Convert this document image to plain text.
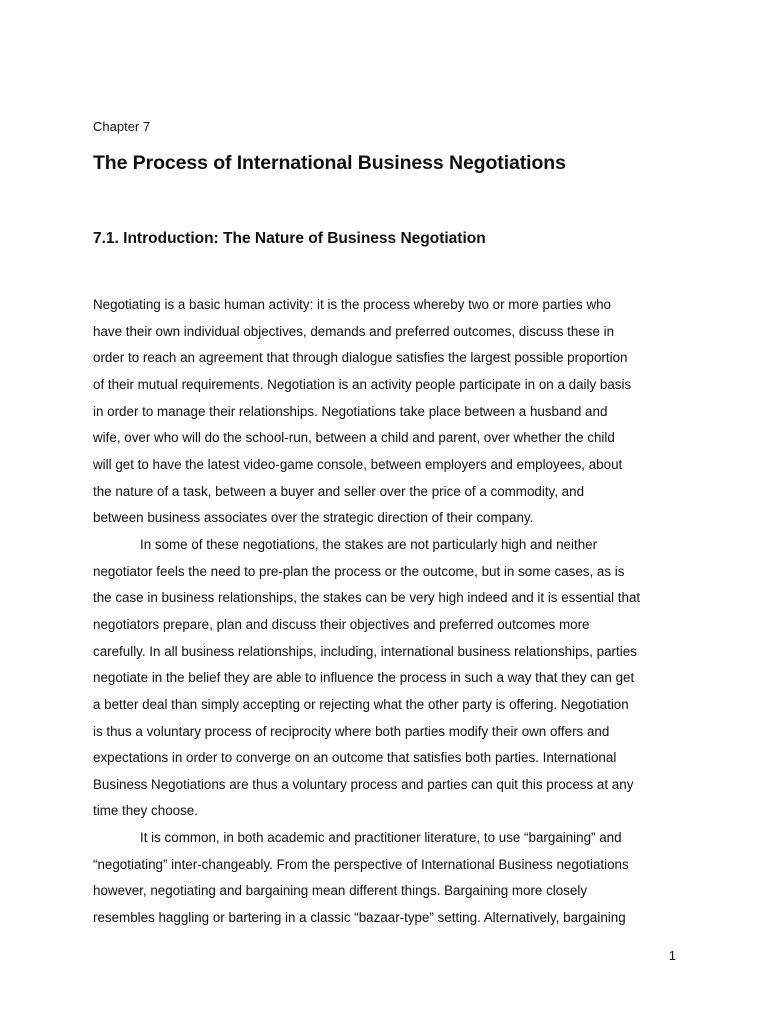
Chapter 7
The Process of International Business Negotiations
7.1. Introduction: The Nature of Business Negotiation
Negotiating is a basic human activity: it is the process whereby two or more parties who
have their own individual objectives, demands and preferred outcomes, discuss these in
order to reach an agreement that through dialogue satisfies the largest possible proportion
of their mutual requirements. Negotiation is an activity people participate in on a daily basis
in order to manage their relationships. Negotiations take place between a husband and
wife, over who will do the school-run, between a child and parent, over whether the child
will get to have the latest video-game console, between employers and employees, about
the nature of a task, between a buyer and seller over the price of a commodity, and
between business associates over the strategic direction of their company.
In some of these negotiations, the stakes are not particularly high and neither
negotiator feels the need to pre-plan the process or the outcome, but in some cases, as is
the case in business relationships, the stakes can be very high indeed and it is essential that
negotiators prepare, plan and discuss their objectives and preferred outcomes more
carefully. In all business relationships, including, international business relationships, parties
negotiate in the belief they are able to influence the process in such a way that they can get
a better deal than simply accepting or rejecting what the other party is offering. Negotiation
is thus a voluntary process of reciprocity where both parties modify their own offers and
expectations in order to converge on an outcome that satisfies both parties. International
Business Negotiations are thus a voluntary process and parties can quit this process at any
time they choose.
It is common, in both academic and practitioner literature, to use “bargaining” and
“negotiating” inter-changeably. From the perspective of International Business negotiations
however, negotiating and bargaining mean different things. Bargaining more closely
resembles haggling or bartering in a classic “bazaar-type” setting. Alternatively, bargaining
1
